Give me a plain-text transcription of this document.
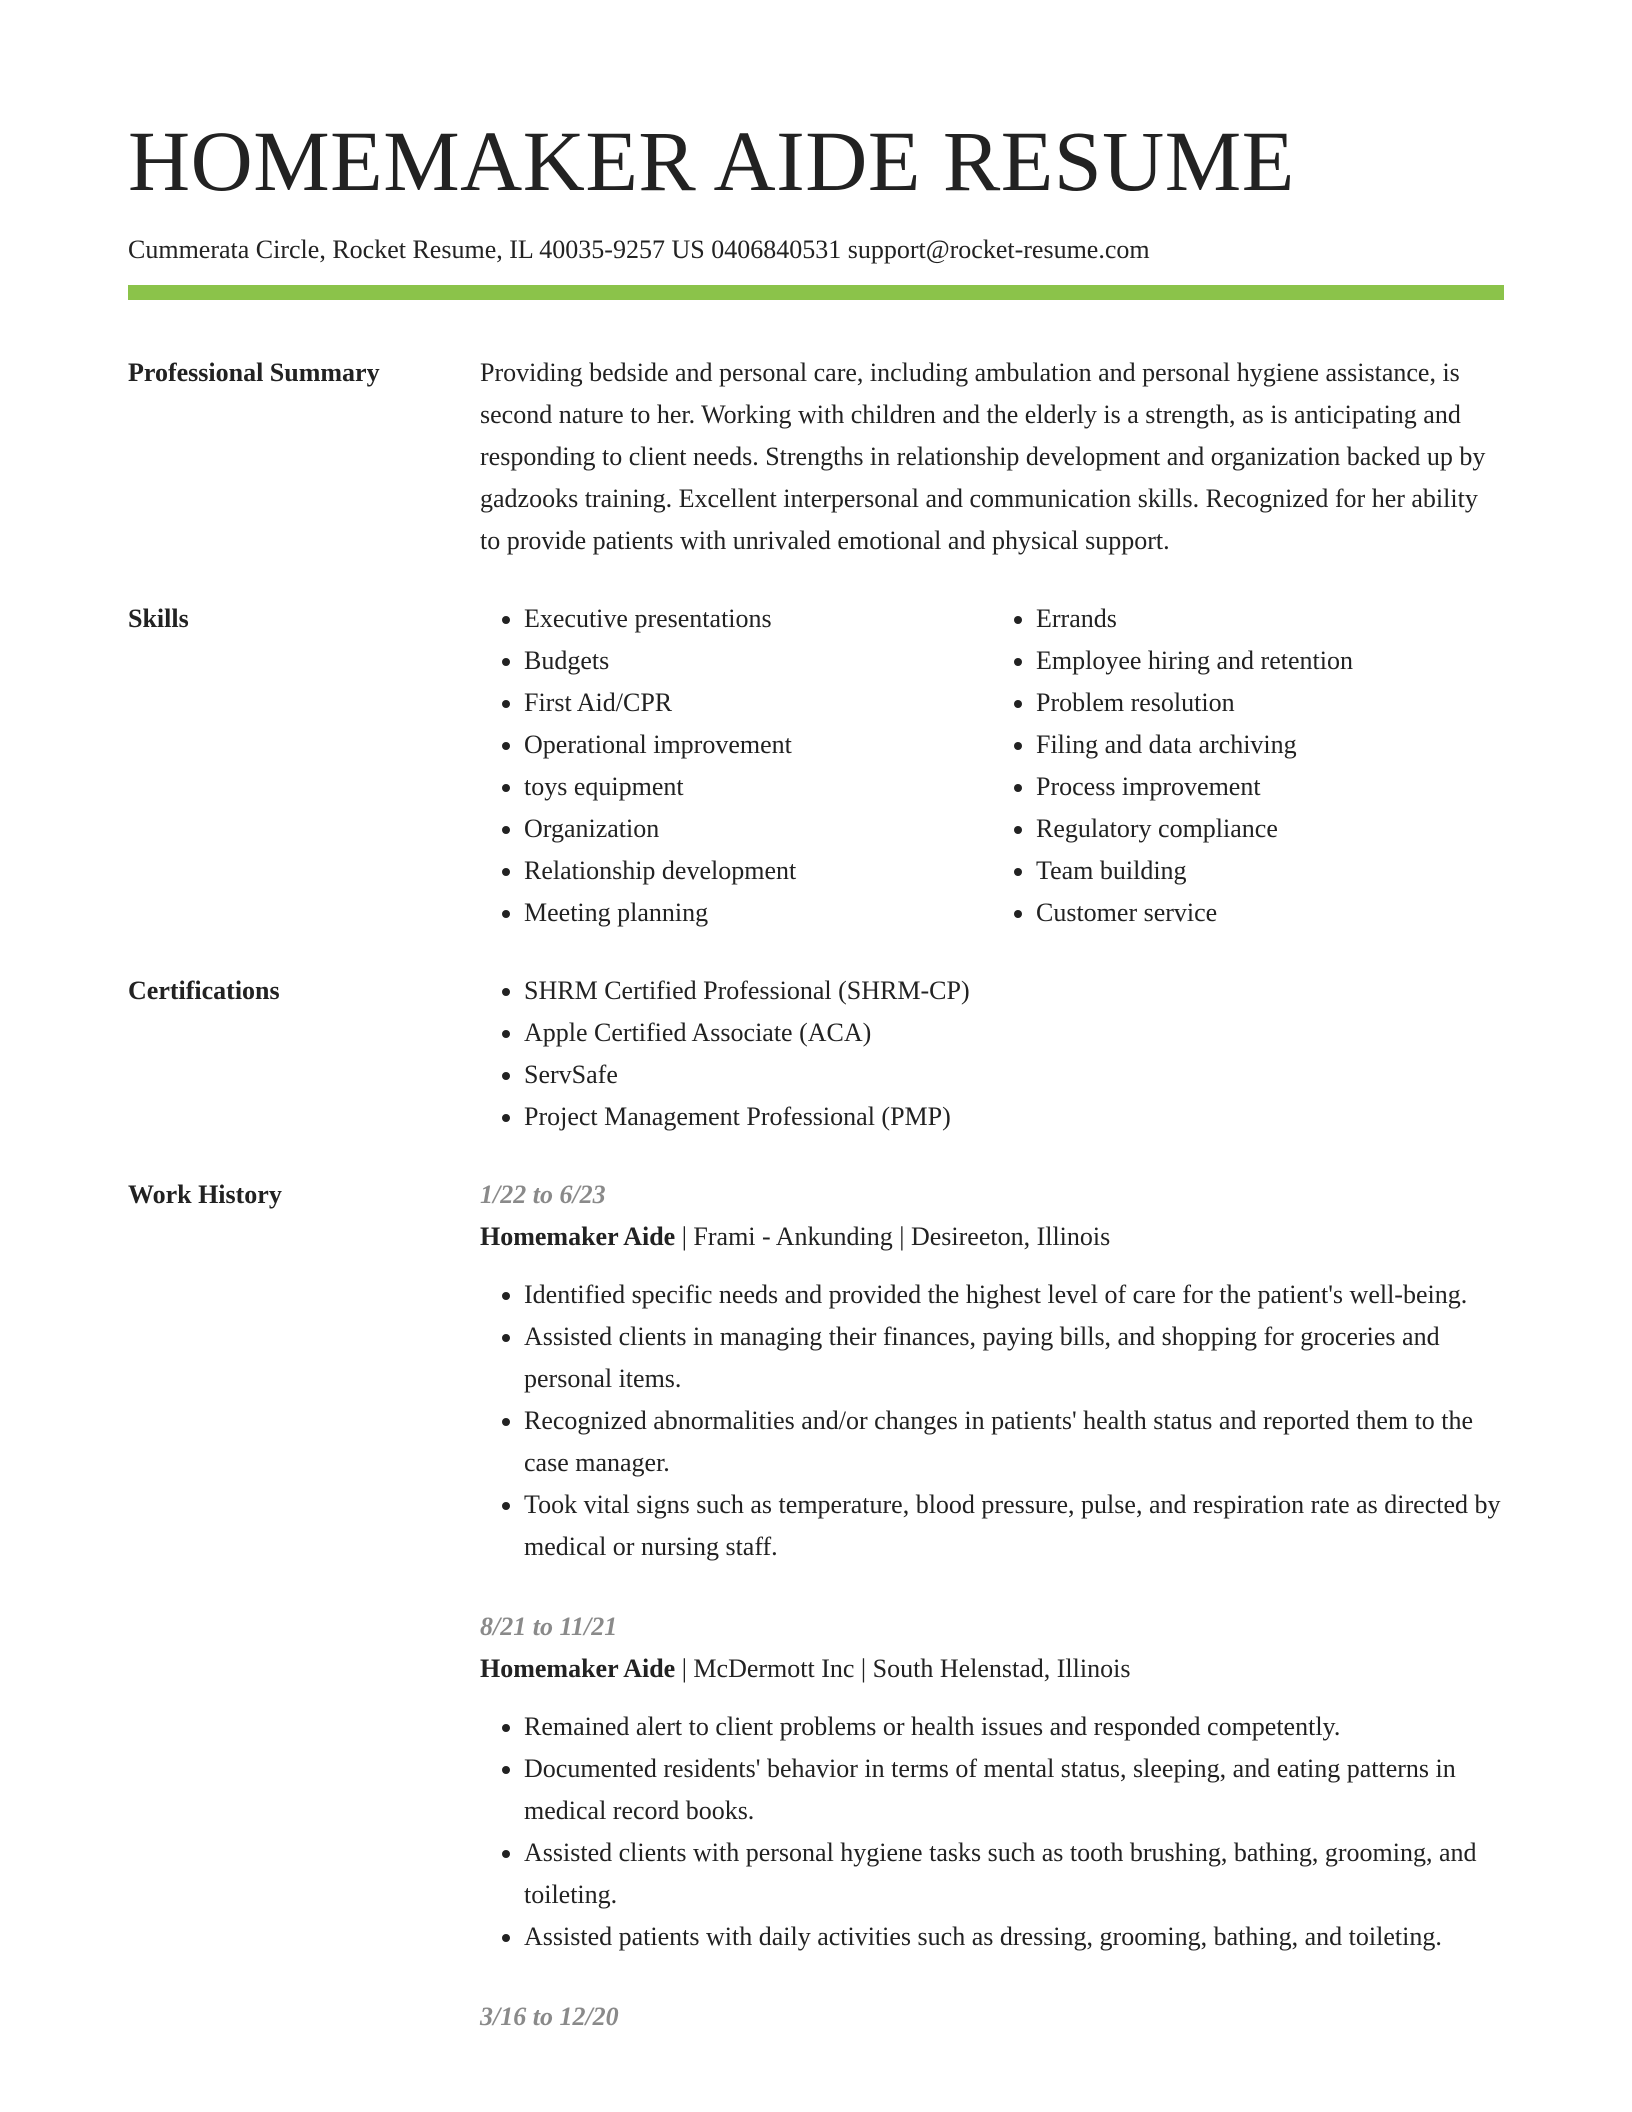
HOMEMAKER AIDE RESUME
Cummerata Circle, Rocket Resume, IL 40035-9257 US 0406840531 support@rocket-resume.com
Professional Summary	Providing bedside and personal care, including ambulation and personal hygiene assistance, is second nature to her. Working with children and the elderly is a strength, as is anticipating and responding to client needs. Strengths in relationship development and organization backed up by gadzooks training. Excellent interpersonal and communication skills. Recognized for her ability to provide patients with unrivaled emotional and physical support.

Skills	• Executive presentations
• Budgets
• First Aid/CPR
• Operational improvement
• toys equipment
• Organization
• Relationship development
• Meeting planning
• Errands
• Employee hiring and retention
• Problem resolution
• Filing and data archiving
• Process improvement
• Regulatory compliance
• Team building
• Customer service
Certifications	• SHRM Certified Professional (SHRM-CP)
• Apple Certified Associate (ACA)
• ServSafe
• Project Management Professional (PMP)
Work History	1/22 to 6/23
Homemaker Aide | Frami - Ankunding | Desireeton, Illinois
• Identified specific needs and provided the highest level of care for the patient's well-being.
• Assisted clients in managing their finances, paying bills, and shopping for groceries and personal items.
• Recognized abnormalities and/or changes in patients' health status and reported them to the case manager.
• Took vital signs such as temperature, blood pressure, pulse, and respiration rate as directed by medical or nursing staff.
8/21 to 11/21
Homemaker Aide | McDermott Inc | South Helenstad, Illinois
• Remained alert to client problems or health issues and responded competently.
• Documented residents' behavior in terms of mental status, sleeping, and eating patterns in medical record books.
• Assisted clients with personal hygiene tasks such as tooth brushing, bathing, grooming, and toileting.
• Assisted patients with daily activities such as dressing, grooming, bathing, and toileting.
3/16 to 12/20
